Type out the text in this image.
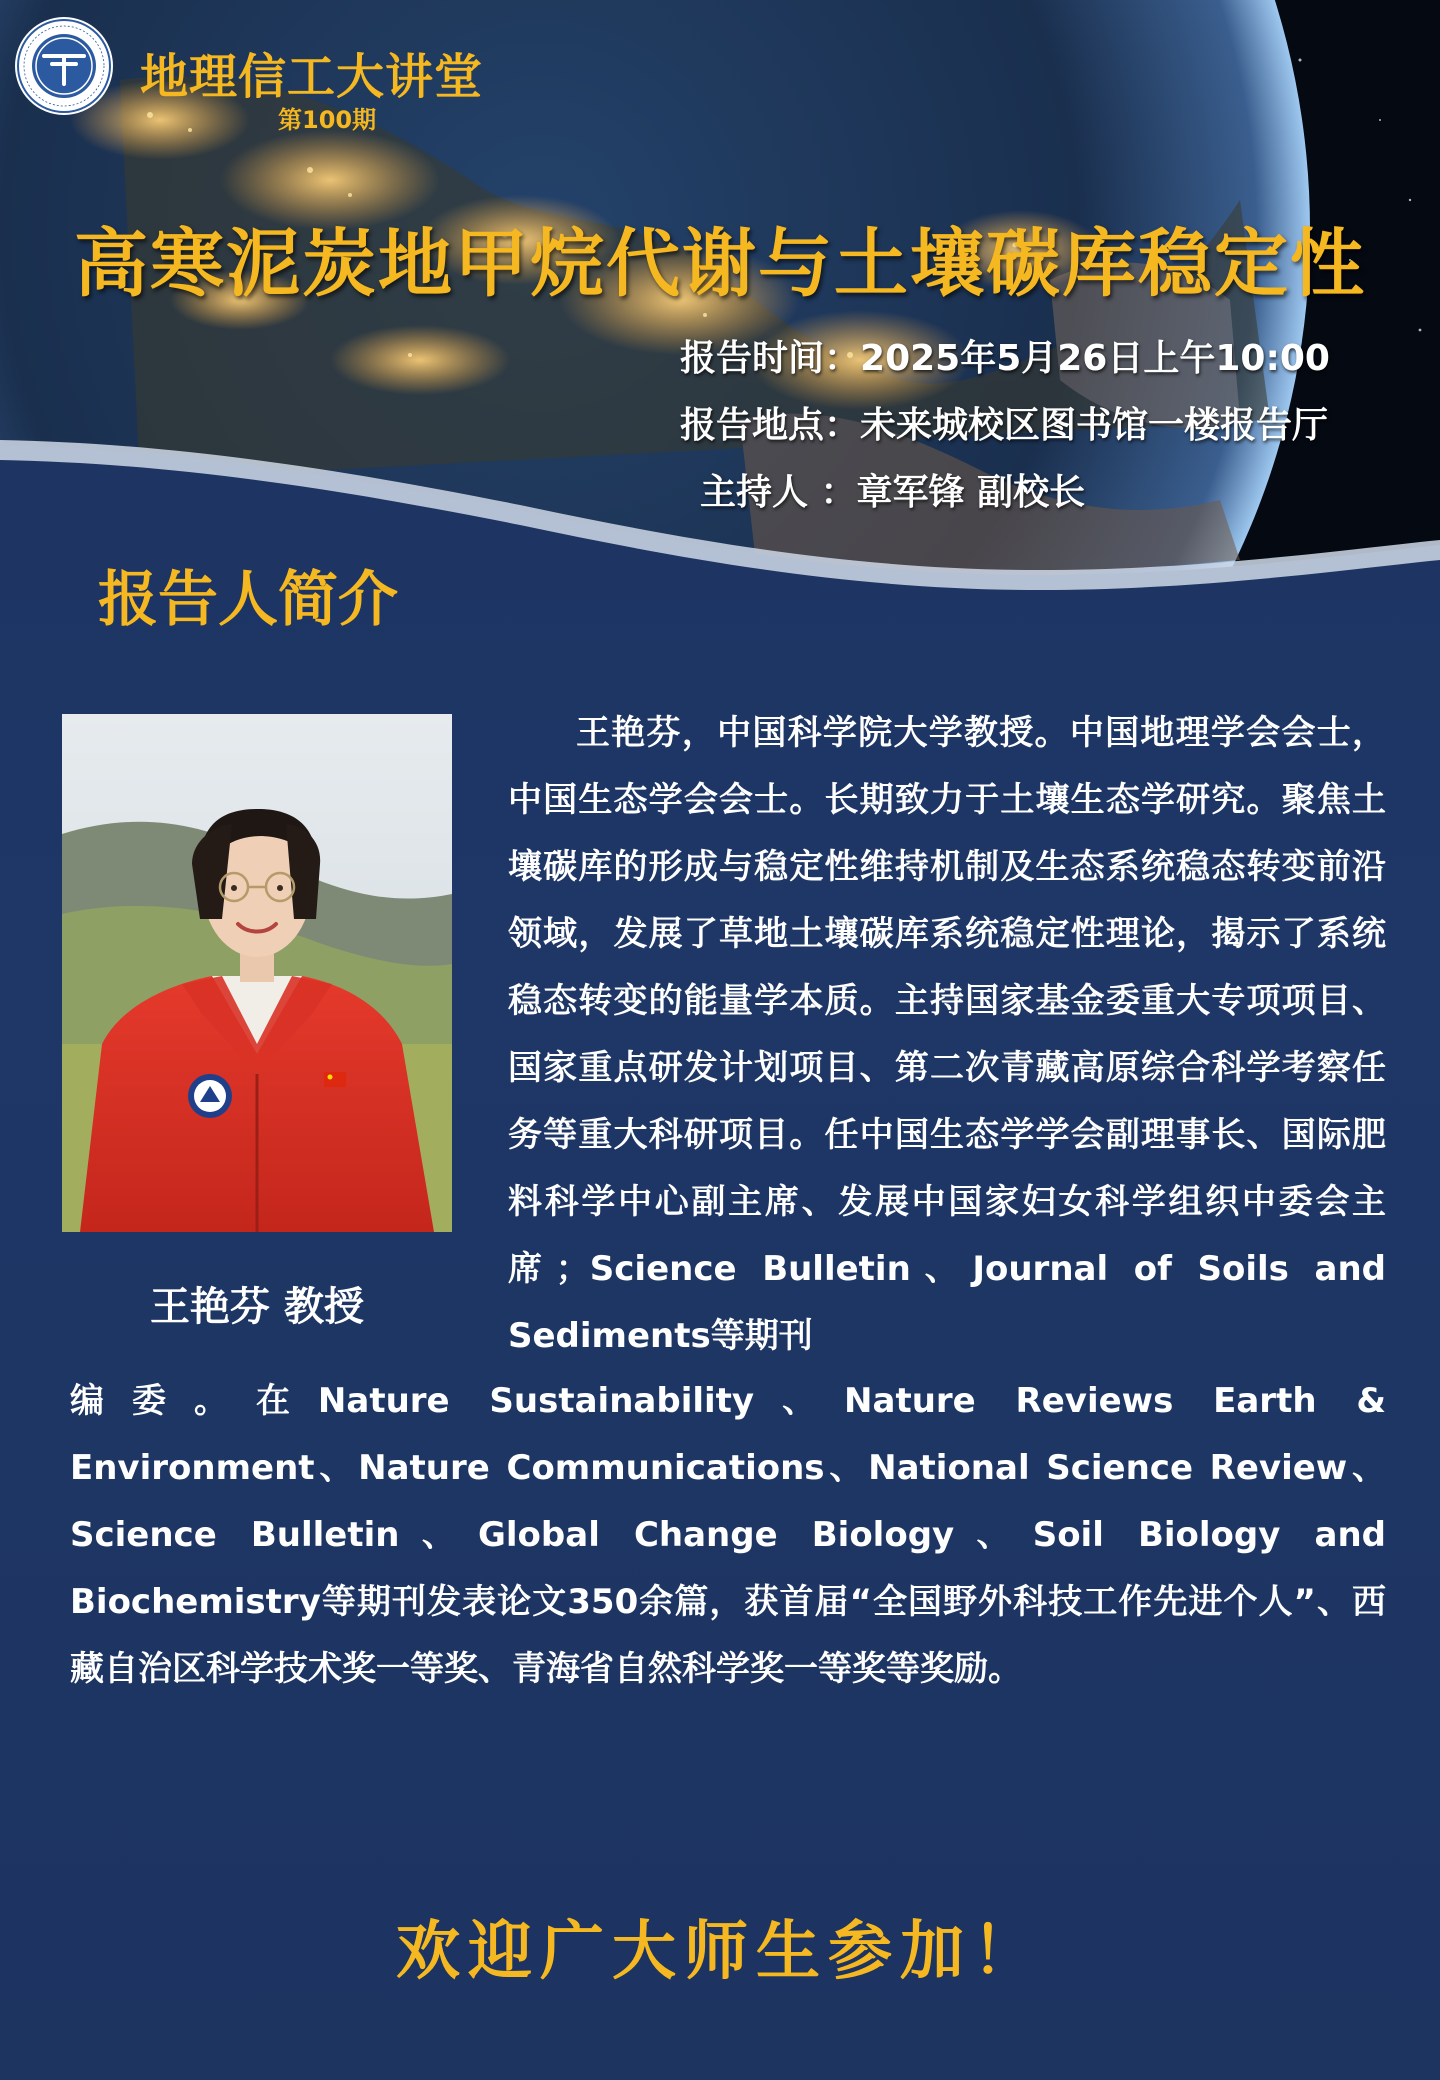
地理信工大讲堂
第100期
高寒泥炭地甲烷代谢与土壤碳库稳定性
报告时间：2025年5月26日上午10:00
报告地点：未来城校区图书馆一楼报告厅
主持人 ：章军锋 副校长
报告人简介
王艳芬 教授
王艳芬，中国科学院大学教授。中国地理学会会士，中国生态学会会士。长期致力于土壤生态学研究。聚焦土壤碳库的形成与稳定性维持机制及生态系统稳态转变前沿领域，发展了草地土壤碳库系统稳定性理论，揭示了系统稳态转变的能量学本质。主持国家基金委重大专项项目、国家重点研发计划项目、第二次青藏高原综合科学考察任务等重大科研项目。任中国生态学学会副理事长、国际肥料科学中心副主席、发展中国家妇女科学组织中委会主席；Science Bulletin、Journal of Soils and Sediments等期刊
编委。在Nature Sustainability、Nature Reviews Earth & Environment、Nature Communications、National Science Review、Science Bulletin、Global Change Biology、Soil Biology and Biochemistry等期刊发表论文350余篇，获首届“全国野外科技工作先进个人”、西藏自治区科学技术奖一等奖、青海省自然科学奖一等奖等奖励。
欢迎广大师生参加！
